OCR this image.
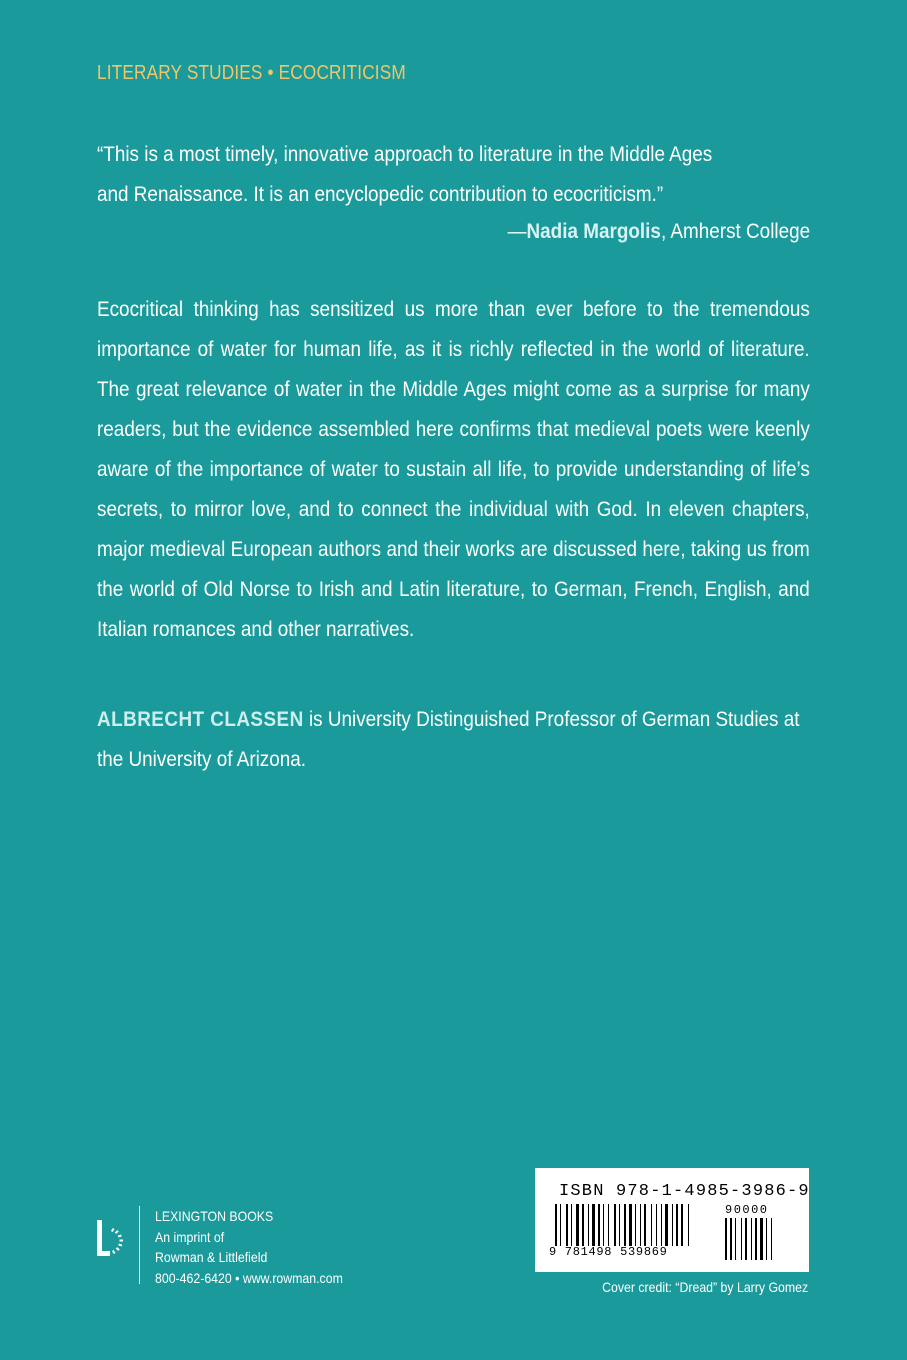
LITERARY STUDIES • ECOCRITICISM
“This is a most timely, innovative approach to literature in the Middle Ages and Renaissance. It is an encyclopedic contribution to ecocriticism.”
—Nadia Margolis, Amherst College
Ecocritical thinking has sensitized us more than ever before to the tremendous importance of water for human life, as it is richly reflected in the world of literature. The great relevance of water in the Middle Ages might come as a surprise for many readers, but the evidence assembled here confirms that medieval poets were keenly aware of the importance of water to sustain all life, to provide understanding of life’s secrets, to mirror love, and to connect the individual with God. In eleven chapters, major medieval European authors and their works are discussed here, taking us from the world of Old Norse to Irish and Latin literature, to German, French, English, and Italian romances and other narratives.
ALBRECHT CLASSEN is University Distinguished Professor of German Studies at the University of Arizona.
LEXINGTON BOOKS
An imprint of
Rowman & Littlefield
800-462-6420 • www.rowman.com
ISBN 978-1-4985-3986-9
90000
9 781498 539869
Cover credit: “Dread” by Larry Gomez
